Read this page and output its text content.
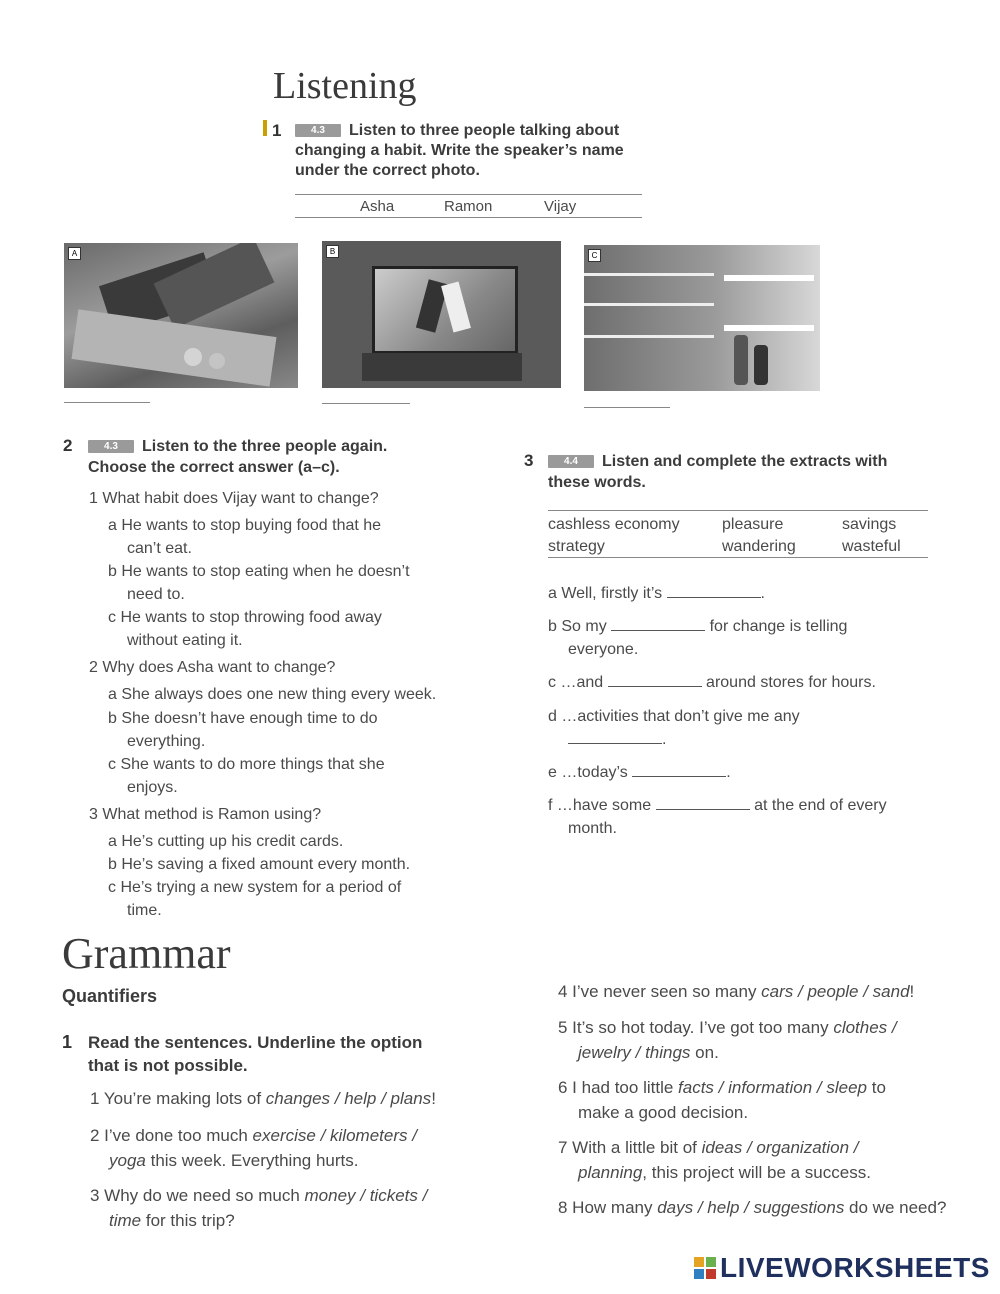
Listening
1	4.3 Listen to three people talking about
changing a habit. Write the speaker’s name
under the correct photo.
Asha	Ramon	Vijay
A	B	C
2	4.3 Listen to the three people again.
Choose the correct answer (a–c).
1 What habit does Vijay want to change?
a He wants to stop buying food that he
can’t eat.
b He wants to stop eating when he doesn’t
need to.
c He wants to stop throwing food away
without eating it.
2 Why does Asha want to change?
a She always does one new thing every week.
b She doesn’t have enough time to do
everything.
c She wants to do more things that she
enjoys.
3 What method is Ramon using?
a He’s cutting up his credit cards.
b He’s saving a fixed amount every month.
c He’s trying a new system for a period of
time.
3	4.4 Listen and complete the extracts with
these words.
cashless economy	pleasure	savings
strategy	wandering	wasteful
a Well, firstly it’s	.
b So my	for change is telling
everyone.
c …and	around stores for hours.
d …activities that don’t give me any
.
e …today’s	.
f …have some	at the end of every
month.
Grammar
Quantifiers
1 Read the sentences. Underline the option
that is not possible.
1 You’re making lots of changes / help / plans!
2 I’ve done too much exercise / kilometers /
yoga this week. Everything hurts.
3 Why do we need so much money / tickets /
time for this trip?
4 I’ve never seen so many cars / people / sand!
5 It’s so hot today. I’ve got too many clothes /
jewelry / things on.
6 I had too little facts / information / sleep to
make a good decision.
7 With a little bit of ideas / organization /
planning, this project will be a success.
8 How many days / help / suggestions do we need?
LIVEWORKSHEETS
